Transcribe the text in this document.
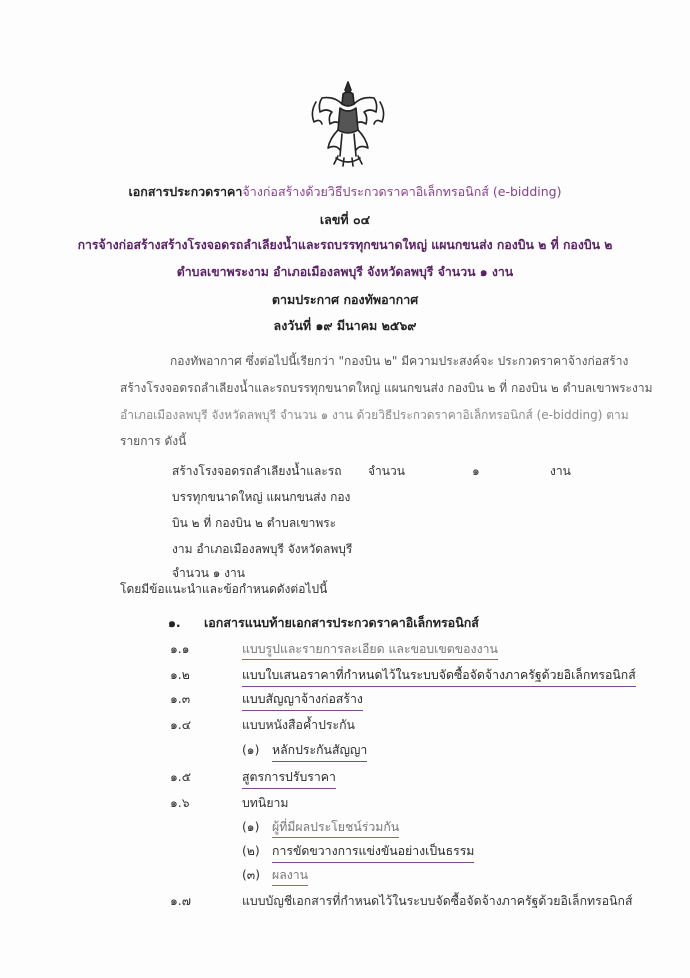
เอกสารประกวดราคาจ้างก่อสร้างด้วยวิธีประกวดราคาอิเล็กทรอนิกส์ (e-bidding)
เลขที่ ๐๔
การจ้างก่อสร้างสร้างโรงจอดรถลำเลียงน้ำและรถบรรทุกขนาดใหญ่ แผนกขนส่ง กองบิน ๒ ที่ กองบิน ๒
ตำบลเขาพระงาม อำเภอเมืองลพบุรี จังหวัดลพบุรี จำนวน ๑ งาน
ตามประกาศ กองทัพอากาศ
ลงวันที่ ๑๙ มีนาคม ๒๕๖๙
กองทัพอากาศ ซึ่งต่อไปนี้เรียกว่า "กองบิน ๒" มีความประสงค์จะ ประกวดราคาจ้างก่อสร้าง
สร้างโรงจอดรถลำเลียงน้ำและรถบรรทุกขนาดใหญ่ แผนกขนส่ง กองบิน ๒ ที่ กองบิน ๒ ตำบลเขาพระงาม
อำเภอเมืองลพบุรี จังหวัดลพบุรี จำนวน ๑ งาน ด้วยวิธีประกวดราคาอิเล็กทรอนิกส์ (e-bidding) ตาม
รายการ ดังนี้
สร้างโรงจอดรถลำเลียงน้ำและรถ จำนวน	๑	งาน
บรรทุกขนาดใหญ่ แผนกขนส่ง กอง
บิน ๒ ที่ กองบิน ๒ ตำบลเขาพระ
งาม อำเภอเมืองลพบุรี จังหวัดลพบุรี
จำนวน ๑ งาน
โดยมีข้อแนะนำและข้อกำหนดดังต่อไปนี้
๑. เอกสารแนบท้ายเอกสารประกวดราคาอิเล็กทรอนิกส์
๑.๑	แบบรูปและรายการละเอียด และขอบเขตของงาน
๑.๒	แบบใบเสนอราคาที่กำหนดไว้ในระบบจัดซื้อจัดจ้างภาครัฐด้วยอิเล็กทรอนิกส์
๑.๓	แบบสัญญาจ้างก่อสร้าง
๑.๔	แบบหนังสือค้ำประกัน
(๑)	หลักประกันสัญญา
๑.๕	สูตรการปรับราคา
๑.๖	บทนิยาม
(๑)	ผู้ที่มีผลประโยชน์ร่วมกัน
(๒) การขัดขวางการแข่งขันอย่างเป็นธรรม
(๓) ผลงาน
๑.๗	แบบบัญชีเอกสารที่กำหนดไว้ในระบบจัดซื้อจัดจ้างภาครัฐด้วยอิเล็กทรอนิกส์
